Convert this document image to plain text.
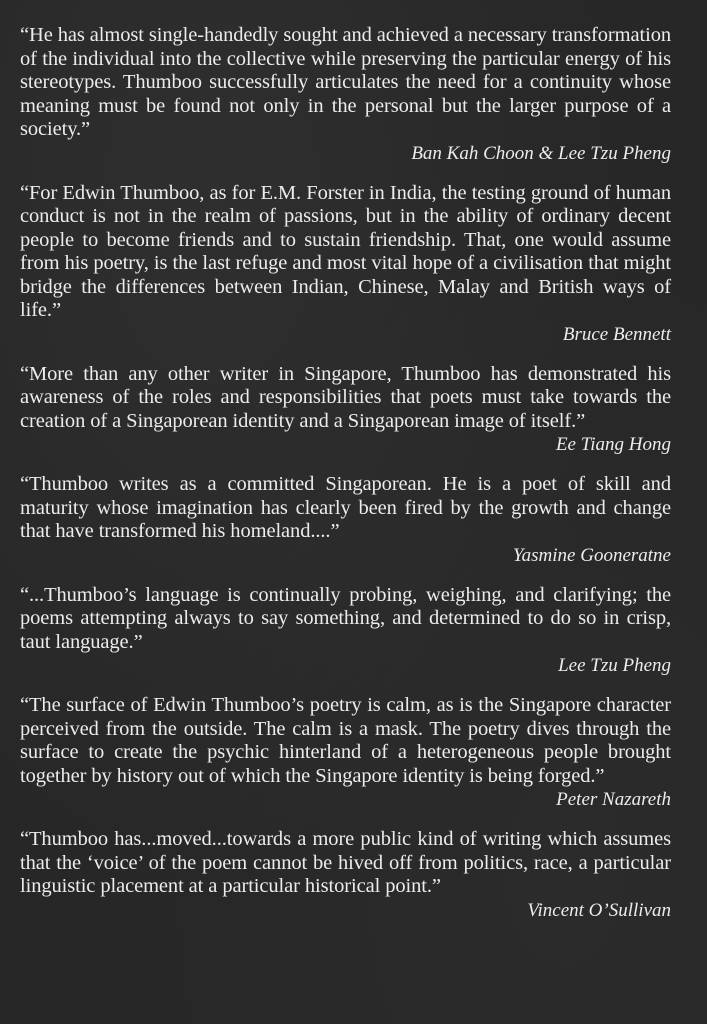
“He has almost single-handedly sought and achieved a necessary transformation of the individual into the collective while preserving the particular energy of his stereotypes. Thumboo successfully articulates the need for a continuity whose meaning must be found not only in the personal but the larger purpose of a society.”

Ban Kah Choon & Lee Tzu Pheng

“For Edwin Thumboo, as for E.M. Forster in India, the testing ground of human conduct is not in the realm of passions, but in the ability of ordinary decent people to become friends and to sustain friendship. That, one would assume from his poetry, is the last refuge and most vital hope of a civilisation that might bridge the differences between Indian, Chinese, Malay and British ways of life.”

Bruce Bennett

“More than any other writer in Singapore, Thumboo has demonstrated his awareness of the roles and responsibilities that poets must take towards the creation of a Singaporean identity and a Singaporean image of itself.”

Ee Tiang Hong

“Thumboo writes as a committed Singaporean. He is a poet of skill and maturity whose imagination has clearly been fired by the growth and change that have transformed his homeland....”

Yasmine Gooneratne

“...Thumboo’s language is continually probing, weighing, and clarifying; the poems attempting always to say something, and determined to do so in crisp, taut language.”

Lee Tzu Pheng

“The surface of Edwin Thumboo’s poetry is calm, as is the Singapore character perceived from the outside. The calm is a mask. The poetry dives through the surface to create the psychic hinterland of a heterogeneous people brought together by history out of which the Singapore identity is being forged.”

Peter Nazareth

“Thumboo has...moved...towards a more public kind of writing which assumes that the ‘voice’ of the poem cannot be hived off from politics, race, a particular linguistic placement at a particular historical point.”

Vincent O’Sullivan
